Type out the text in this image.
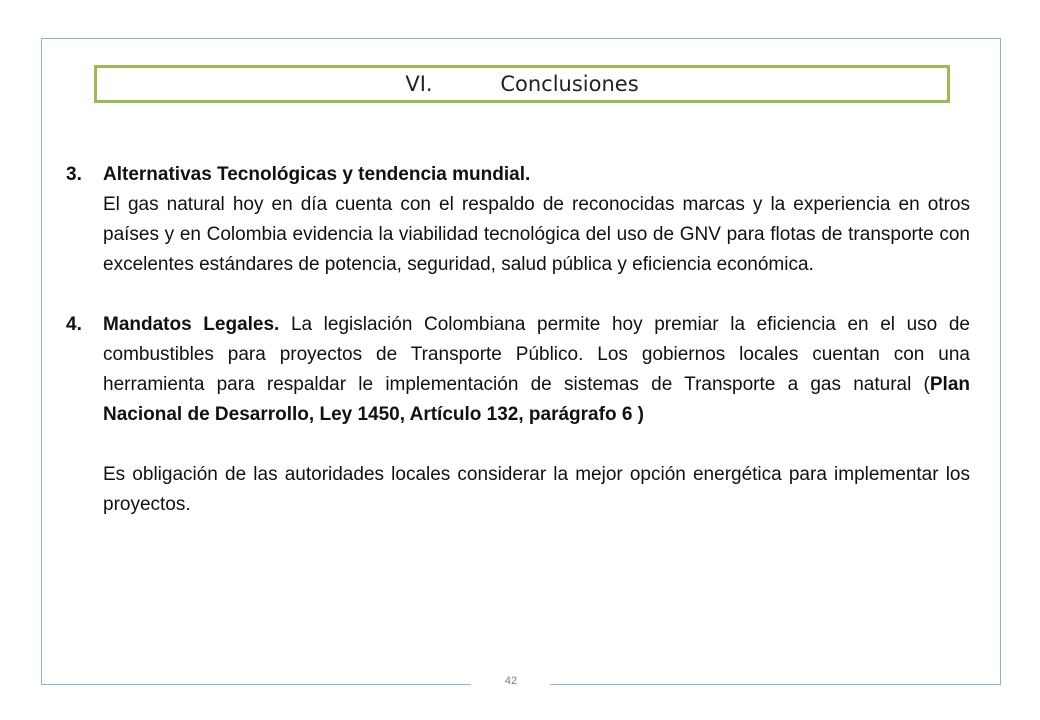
VI.	Conclusiones
3.	Alternativas Tecnológicas y tendencia mundial.
El gas natural hoy en día cuenta con el respaldo de reconocidas marcas y la experiencia en otros países y en Colombia evidencia la viabilidad tecnológica del uso de GNV para flotas de transporte con excelentes estándares de potencia, seguridad, salud pública y eficiencia económica.
4.	Mandatos Legales. La legislación Colombiana permite hoy premiar la eficiencia en el uso de combustibles para proyectos de Transporte Público. Los gobiernos locales cuentan con una herramienta para respaldar le implementación de sistemas de Transporte a gas natural (Plan Nacional de Desarrollo, Ley 1450, Artículo 132, parágrafo 6 )
Es obligación de las autoridades locales considerar la mejor opción energética para implementar los proyectos.
42
